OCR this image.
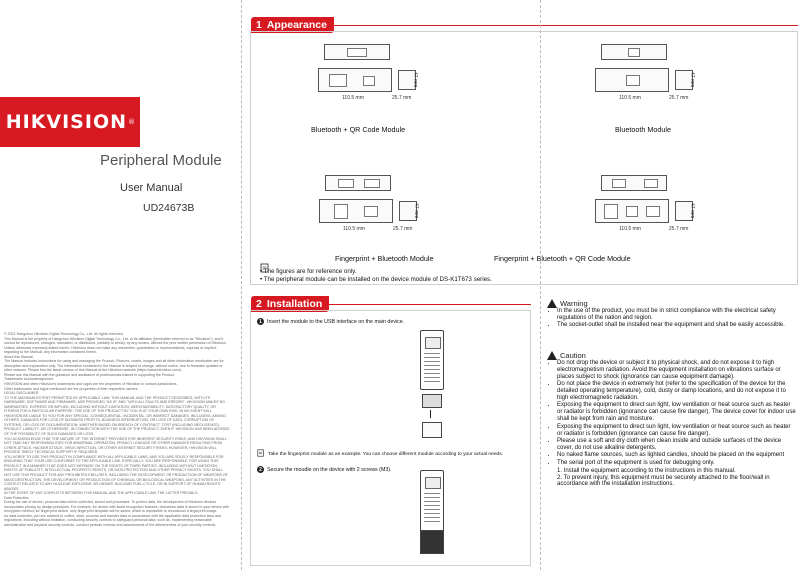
HIKVISION ®
Peripheral Module
User Manual
UD24673B

© 2021 Hangzhou Hikvision Digital Technology Co., Ltd. All rights reserved.

This Manual is the property of Hangzhou Hikvision Digital Technology Co., Ltd. or its affiliates (hereinafter referred to as "Hikvision"), and it cannot be reproduced, changed, translated, or distributed, partially or wholly, by any means, without the prior written permission of Hikvision. Unless otherwise expressly stated herein, Hikvision does not make any warranties, guarantees or representations, express or implied, regarding to the Manual, any information contained herein.

About this Manual

The Manual includes instructions for using and managing the Product. Pictures, charts, images and all other information hereinafter are for description and explanation only. The information contained in the Manual is subject to change, without notice, due to firmware updates or other reasons. Please find the latest version of this Manual at the Hikvision website (https://www.hikvision.com/).

Please use this Manual with the guidance and assistance of professionals trained in supporting the Product.

Trademarks Acknowledgement

HIKVISION and other Hikvision's trademarks and logos are the properties of Hikvision in various jurisdictions.

Other trademarks and logos mentioned are the properties of their respective owners.

LEGAL DISCLAIMER

TO THE MAXIMUM EXTENT PERMITTED BY APPLICABLE LAW, THIS MANUAL AND THE PRODUCT DESCRIBED, WITH ITS HARDWARE, SOFTWARE AND FIRMWARE, ARE PROVIDED "AS IS" AND "WITH ALL FAULTS AND ERRORS". HIKVISION MAKES NO WARRANTIES, EXPRESS OR IMPLIED, INCLUDING WITHOUT LIMITATION, MERCHANTABILITY, SATISFACTORY QUALITY, OR FITNESS FOR A PARTICULAR PURPOSE. THE USE OF THE PRODUCT BY YOU IS AT YOUR OWN RISK. IN NO EVENT WILL HIKVISION BE LIABLE TO YOU FOR ANY SPECIAL, CONSEQUENTIAL, INCIDENTAL, OR INDIRECT DAMAGES, INCLUDING, AMONG OTHERS, DAMAGES FOR LOSS OF BUSINESS PROFITS, BUSINESS INTERRUPTION, OR LOSS OF DATA, CORRUPTION OF SYSTEMS, OR LOSS OF DOCUMENTATION, WHETHER BASED ON BREACH OF CONTRACT, TORT (INCLUDING NEGLIGENCE), PRODUCT LIABILITY, OR OTHERWISE, IN CONNECTION WITH THE USE OF THE PRODUCT, EVEN IF HIKVISION HAS BEEN ADVISED OF THE POSSIBILITY OF SUCH DAMAGES OR LOSS.

YOU ACKNOWLEDGE THAT THE NATURE OF THE INTERNET PROVIDES FOR INHERENT SECURITY RISKS, AND HIKVISION SHALL NOT TAKE ANY RESPONSIBILITIES FOR ABNORMAL OPERATION, PRIVACY LEAKAGE OR OTHER DAMAGES RESULTING FROM CYBER-ATTACK, HACKER ATTACK, VIRUS INFECTION, OR OTHER INTERNET SECURITY RISKS; HOWEVER, HIKVISION WILL PROVIDE TIMELY TECHNICAL SUPPORT IF REQUIRED.

YOU AGREE TO USE THIS PRODUCT IN COMPLIANCE WITH ALL APPLICABLE LAWS, AND YOU ARE SOLELY RESPONSIBLE FOR ENSURING THAT YOUR USE CONFORMS TO THE APPLICABLE LAW. ESPECIALLY, YOU ARE RESPONSIBLE, FOR USING THIS PRODUCT IN A MANNER THAT DOES NOT INFRINGE ON THE RIGHTS OF THIRD PARTIES, INCLUDING WITHOUT LIMITATION, RIGHTS OF PUBLICITY, INTELLECTUAL PROPERTY RIGHTS, OR DATA PROTECTION AND OTHER PRIVACY RIGHTS. YOU SHALL NOT USE THIS PRODUCT FOR ANY PROHIBITED END-USES, INCLUDING THE DEVELOPMENT OR PRODUCTION OF WEAPONS OF MASS DESTRUCTION, THE DEVELOPMENT OR PRODUCTION OF CHEMICAL OR BIOLOGICAL WEAPONS, ANY ACTIVITIES IN THE CONTEXT RELATED TO ANY NUCLEAR EXPLOSIVE OR UNSAFE NUCLEAR FUEL-CYCLE, OR IN SUPPORT OF HUMAN RIGHTS ABUSES.

IN THE EVENT OF ANY CONFLICTS BETWEEN THIS MANUAL AND THE APPLICABLE LAW, THE LATTER PREVAILS.

Data Protection

During the use of device, personal data will be collected, stored and processed. To protect data, the development of Hikvision devices incorporates privacy by design principles. For example, for device with facial recognition features, biometrics data is stored in your device with encryption method; for fingerprint device, only fingerprint template will be saved, which is impossible to reconstruct a fingerprint image.

As data controller, you are advised to collect, store, process and transfer data in accordance with the applicable data protection laws and regulations, including without limitation, conducting security controls to safeguard personal data, such as, implementing reasonable administrative and physical security controls, conduct periodic reviews and assessments of the effectiveness of your security controls.

1 Appearance
110.5 mm	25.7 mm
47 mm
Bluetooth + QR Code Module
110.5 mm	25.7 mm
47 mm
Bluetooth Module
110.5 mm	25.7 mm
47 mm
110.5 mm	25.7 mm
47 mm
Fingerprint + Bluetooth Module	Fingerprint + Bluetooth + QR Code Module
• The figures are for reference only.
• The peripheral module can be installed on the device module of DS-K1T673 series.
2 Installation
1 Insert the module to the USB interface on the main device.
Take the fingerprint module as an example. You can choose different module according to your actual needs.
2 Secure the moudle on the device with 2 screws (M3).
Warning
• In the use of the product, you must be in strict compliance with the electrical safety regulations of the nation and region.
• The socket-outlet shall be installed near the equipment and shall be easily accessible.
Caution
• Do not drop the device or subject it to physical shock, and do not expose it to high electromagnetism radiation. Avoid the equipment installation on vibrations surface or places subject to shock (ignorance can cause equipment damage).
• Do not place the device in extremely hot (refer to the specification of the device for the detailed operating temperature), cold, dusty or damp locations, and do not expose it to high electromagnetic radiation.
• Exposing the equipment to direct sun light, low ventilation or heat source such as heater or radiator is forbidden (ignorance can cause fire danger). The device cover for indoor use shall be kept from rain and moisture.
• Exposing the equipment to direct sun light, low ventilation or heat source such as heater or radiator is forbidden (ignorance can cause fire danger).
• Please use a soft and dry cloth when clean inside and outside surfaces of the device cover, do not use alkaline detergents.
• No naked flame sources, such as lighted candles, should be placed on the equipment
• The serial port of the equipment is used for debugging only.
1. Install the equipment according to the instructions in this manual.
2. To prevent injury, this equipment must be securely attached to the floor/wall in accordance with the installation instructions.
